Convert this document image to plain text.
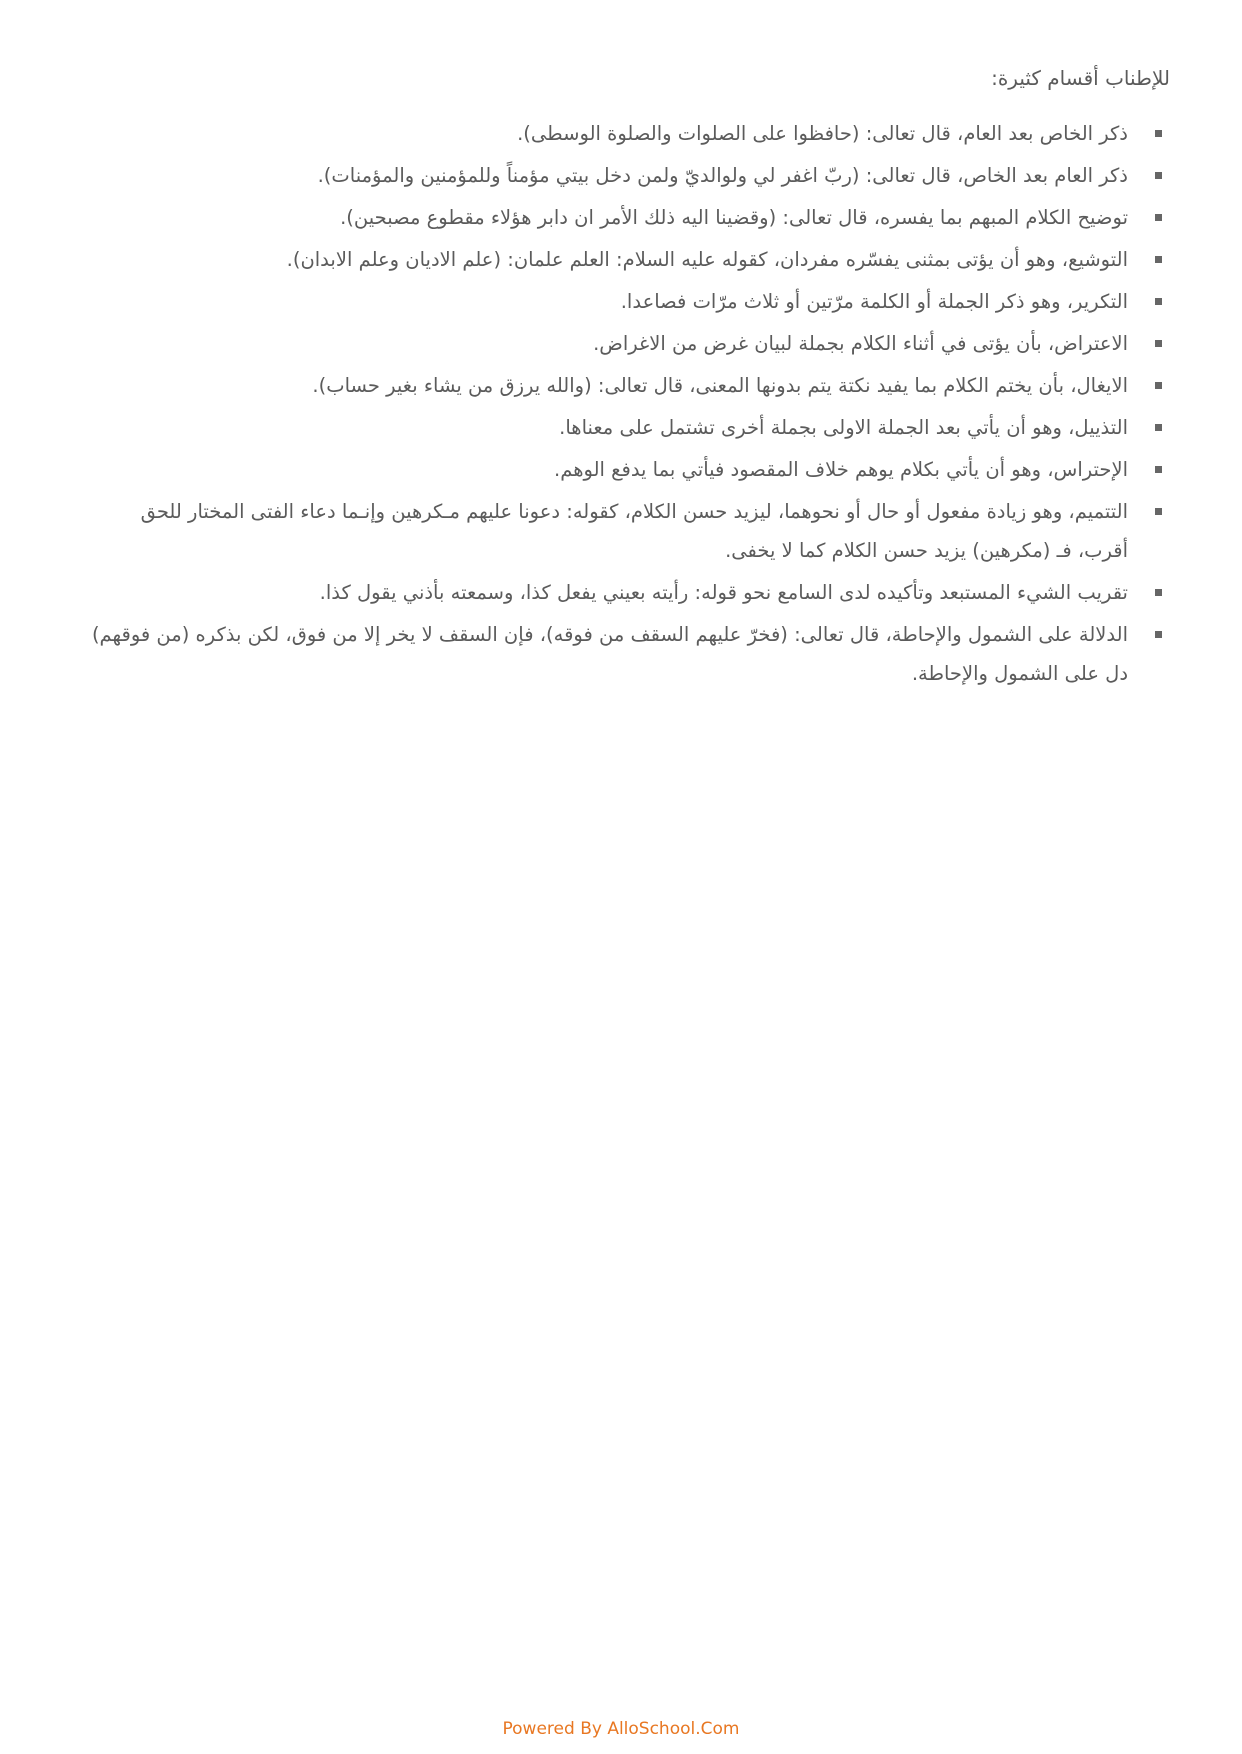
للإطناب أقسام كثيرة:

ذكر الخاص بعد العام، قال تعالى: (حافظوا على الصلوات والصلوة الوسطى).
ذكر العام بعد الخاص، قال تعالى: (ربّ اغفر لي ولوالديّ ولمن دخل بيتي مؤمناً وللمؤمنين والمؤمنات).
توضيح الكلام المبهم بما يفسره، قال تعالى: (وقضينا اليه ذلك الأمر ان دابر هؤلاء مقطوع مصبحين).
التوشيع، وهو أن يؤتى بمثنى يفسّره مفردان، كقوله عليه السلام: العلم علمان: (علم الاديان وعلم الابدان).
التكرير، وهو ذكر الجملة أو الكلمة مرّتين أو ثلاث مرّات فصاعدا.
الاعتراض، بأن يؤتى في أثناء الكلام بجملة لبيان غرض من الاغراض.
الايغال، بأن يختم الكلام بما يفيد نكتة يتم بدونها المعنى، قال تعالى: (والله يرزق من يشاء بغير حساب).
التذييل، وهو أن يأتي بعد الجملة الاولى بجملة أخرى تشتمل على معناها.
الإحتراس، وهو أن يأتي بكلام يوهم خلاف المقصود فيأتي بما يدفع الوهم.
التتميم، وهو زيادة مفعول أو حال أو نحوهما، ليزيد حسن الكلام، كقوله: دعونا عليهم مـكرهين وإنـما دعاء الفتى المختار للحق أقرب، فـ (مكرهين) يزيد حسن الكلام كما لا يخفى.
تقريب الشيء المستبعد وتأكيده لدى السامع نحو قوله: رأيته بعيني يفعل كذا، وسمعته بأذني يقول كذا.
الدلالة على الشمول والإحاطة، قال تعالى: (فخرّ عليهم السقف من فوقه)، فإن السقف لا يخر إلا من فوق، لكن بذكره (من فوقهم) دل على الشمول والإحاطة.
Powered By AlloSchool.Com
